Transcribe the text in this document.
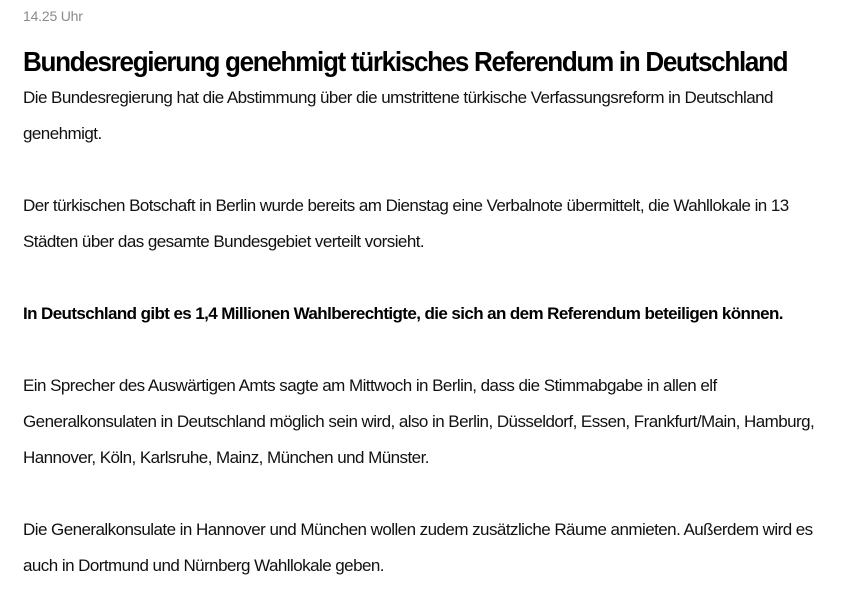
14.25 Uhr

Bundesregierung genehmigt türkisches Referendum in Deutschland

Die Bundesregierung hat die Abstimmung über die umstrittene türkische Verfassungsreform in Deutschland genehmigt.

Der türkischen Botschaft in Berlin wurde bereits am Dienstag eine Verbalnote übermittelt, die Wahllokale in 13 Städten über das gesamte Bundesgebiet verteilt vorsieht.

In Deutschland gibt es 1,4 Millionen Wahlberechtigte, die sich an dem Referendum beteiligen können.

Ein Sprecher des Auswärtigen Amts sagte am Mittwoch in Berlin, dass die Stimmabgabe in allen elf Generalkonsulaten in Deutschland möglich sein wird, also in Berlin, Düsseldorf, Essen, Frankfurt/Main, Hamburg, Hannover, Köln, Karlsruhe, Mainz, München und Münster.

Die Generalkonsulate in Hannover und München wollen zudem zusätzliche Räume anmieten. Außerdem wird es auch in Dortmund und Nürnberg Wahllokale geben.
